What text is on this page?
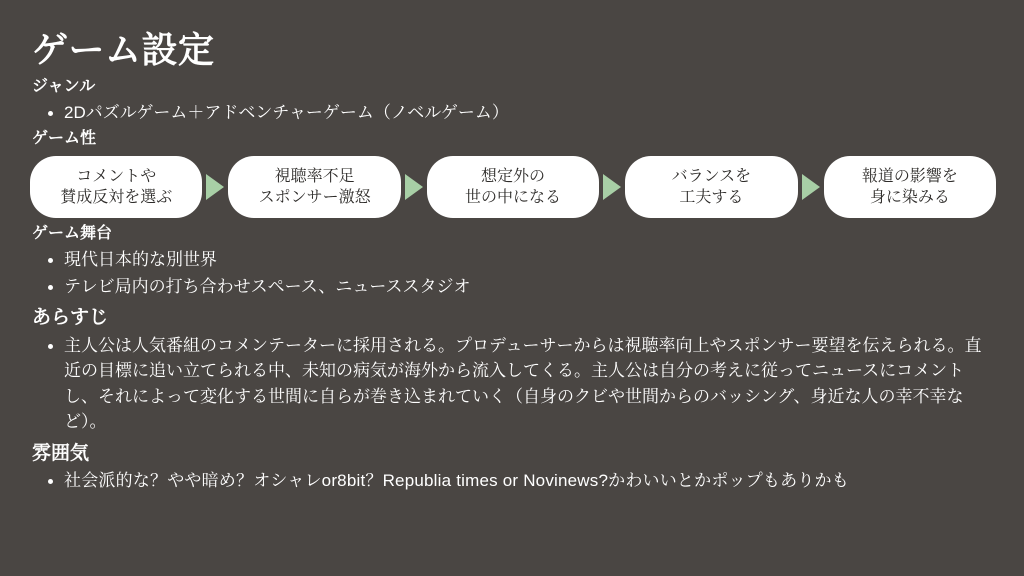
ゲーム設定
ジャンル
2Dパズルゲーム＋アドベンチャーゲーム（ノベルゲーム）
ゲーム性
コメントや
賛成反対を選ぶ
視聴率不足
スポンサー激怒
想定外の
世の中になる
バランスを
工夫する
報道の影響を
身に染みる
ゲーム舞台
現代日本的な別世界
テレビ局内の打ち合わせスペース、ニューススタジオ
あらすじ
主人公は人気番組のコメンテーターに採用される。プロデューサーからは視聴率向上やスポンサー要望を伝えられる。直近の目標に追い立てられる中、未知の病気が海外から流入してくる。主人公は自分の考えに従ってニュースにコメントし、それによって変化する世間に自らが巻き込まれていく（自身のクビや世間からのバッシング、身近な人の幸不幸など）。
雰囲気
社会派的な？やや暗め？オシャレor8bit？Republia times or Novinews?かわいいとかポップもありかも
